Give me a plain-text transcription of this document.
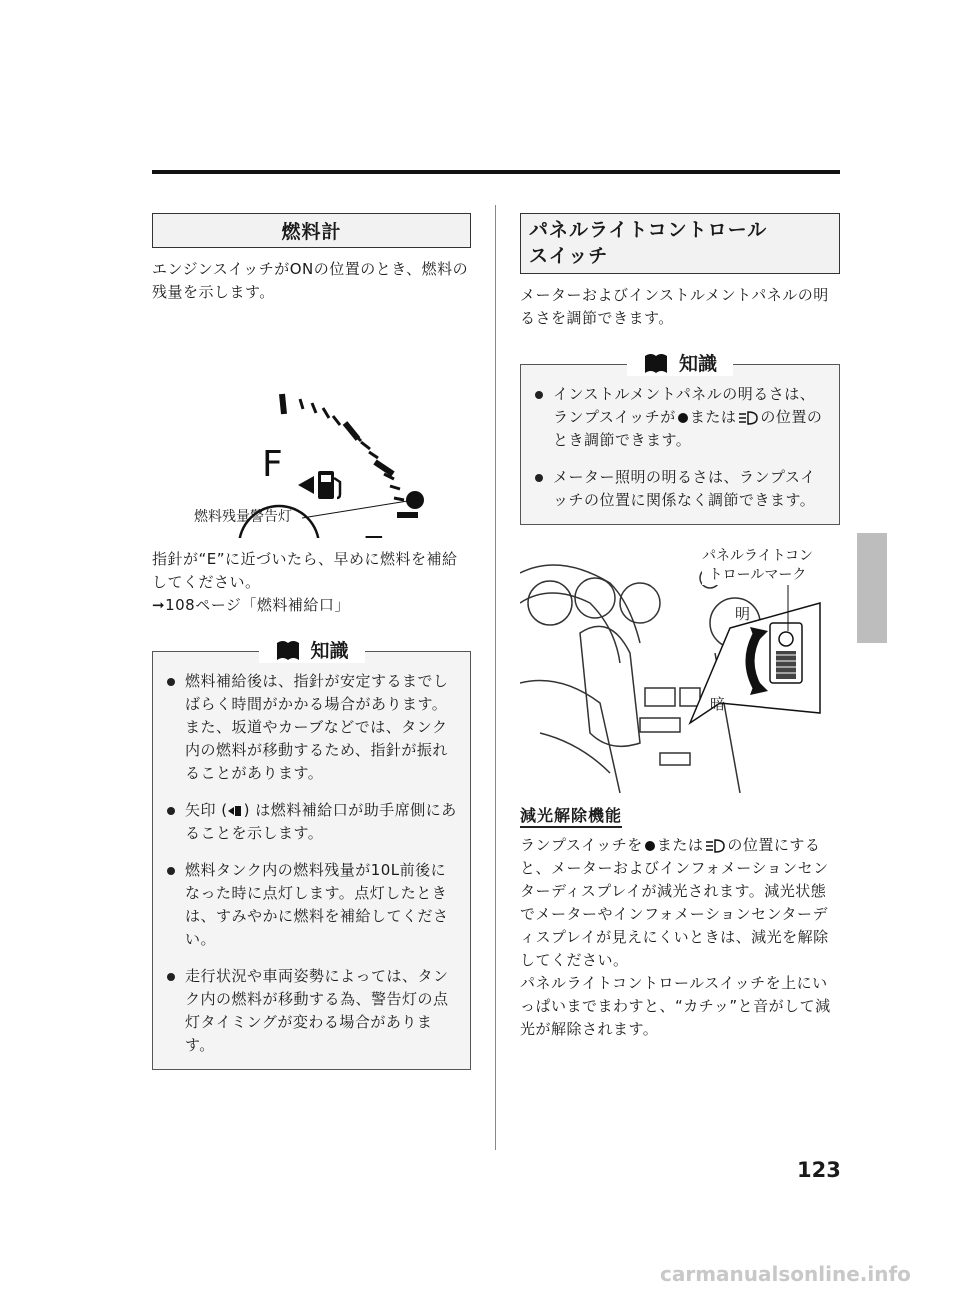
燃料計
エンジンスイッチがONの位置のとき、燃料の残量を示します。
F
燃料残量警告灯
指針が“E”に近づいたら、早めに燃料を補給してください。
➞108ページ「燃料補給口」
知識
燃料補給後は、指針が安定するまでしばらく時間がかかる場合があります。また、坂道やカーブなどでは、タンク内の燃料が移動するため、指針が振れることがあります。
矢印 ( ) は燃料補給口が助手席側にあることを示します。
燃料タンク内の燃料残量が10L前後になった時に点灯します。点灯したときは、すみやかに燃料を補給してください。
走行状況や車両姿勢によっては、タンク内の燃料が移動する為、警告灯の点灯タイミングが変わる場合があります。
パネルライトコントロール
スイッチ
メーターおよびインストルメントパネルの明るさを調節できます。
知識
インストルメントパネルの明るさは、ランプスイッチが または の位置のとき調節できます。
メーター照明の明るさは、ランプスイッチの位置に関係なく調節できます。
パネルライトコン
トロールマーク
明
暗
減光解除機能
ランプスイッチを または の位置にすると、メーターおよびインフォメーションセンターディスプレイが減光されます。減光状態でメーターやインフォメーションセンターディスプレイが見えにくいときは、減光を解除してください。
パネルライトコントロールスイッチを上にいっぱいまでまわすと、“カチッ”と音がして減光が解除されます。
123
carmanualsonline.info
